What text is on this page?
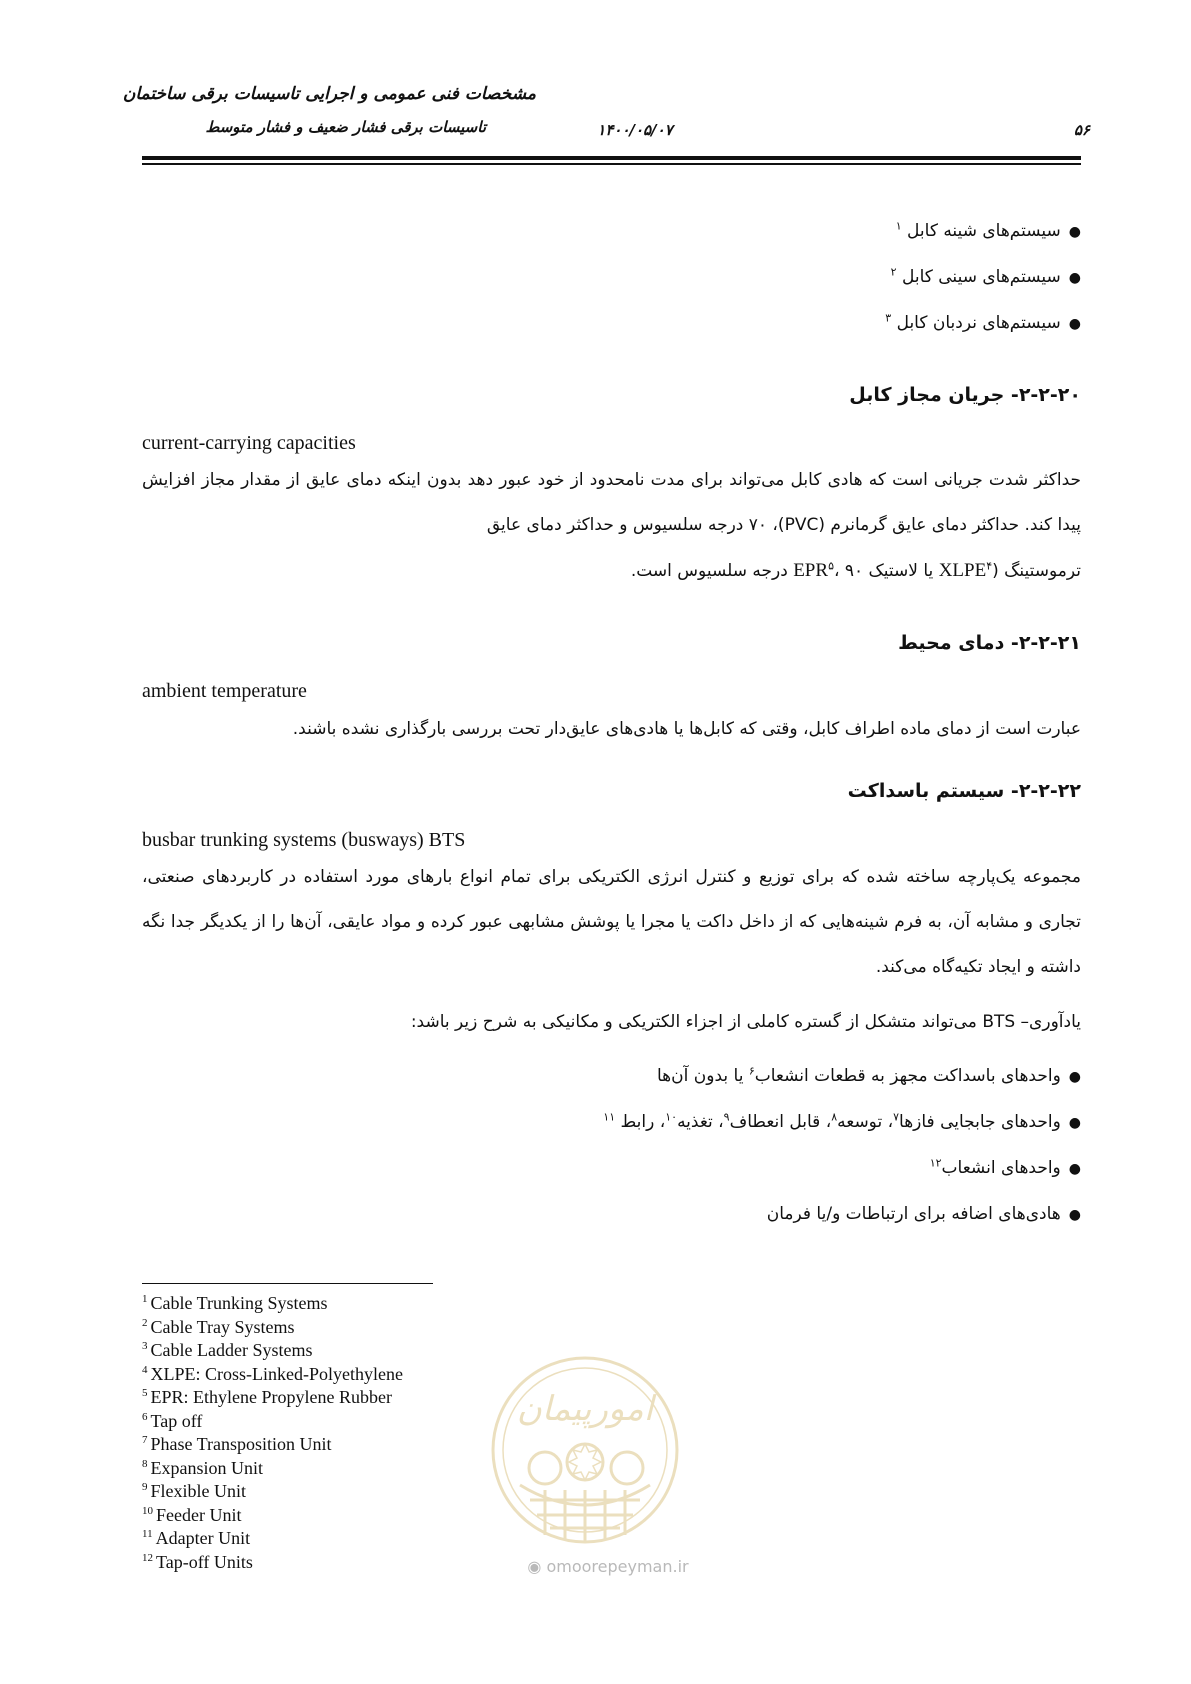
مشخصات فنی عمومی و اجرایی تاسیسات برقی ساختمان
تاسیسات برقی فشار ضعیف و فشار متوسط	۱۴۰۰/۰۵/۰۷	۵۶
●سیستم‌های شینه کابل $^۱$
●سیستم‌های سینی کابل $^۲$
●سیستم‌های نردبان کابل $^۳$
۲-۲-۲۰- جریان مجاز کابل
current-carrying capacities
حداکثر شدت جریانی است که هادی کابل می‌تواند برای مدت نامحدود از خود عبور دهد بدون اینکه دمای عایق از مقدار مجاز افزایش پیدا کند. حداکثر دمای عایق گرمانرم (PVC)، ۷۰ درجه سلسیوس و حداکثر دمای عایق
ترموستینگ (XLPE$^۴$ یا لاستیک EPR$^۵$، ۹۰ درجه سلسیوس است.
۲-۲-۲۱- دمای محیط
ambient temperature
عبارت است از دمای ماده اطراف کابل، وقتی که کابل‌ها یا هادی‌های عایق‌دار تحت بررسی بارگذاری نشده باشند.
۲-۲-۲۲- سیستم باسداکت
busbar trunking systems (busways) BTS
مجموعه یک‌پارچه ساخته شده که برای توزیع و کنترل انرژی الکتریکی برای تمام انواع بارهای مورد استفاده در کاربردهای صنعتی، تجاری و مشابه آن، به فرم شینه‌هایی که از داخل داکت یا مجرا یا پوشش مشابهی عبور کرده و مواد عایقی، آن‌ها را از یکدیگر جدا نگه داشته و ایجاد تکیه‌گاه می‌کند.
یادآوری– BTS می‌تواند متشکل از گستره کاملی از اجزاء الکتریکی و مکانیکی به شرح زیر باشد:
●واحدهای باسداکت مجهز به قطعات انشعاب$^۶$ یا بدون آن‌ها
●واحدهای جابجایی فازها$^۷$، توسعه$^۸$، قابل انعطاف$^۹$، تغذیه$^{۱۰}$، رابط $^{۱۱}$
●واحدهای انشعاب$^{۱۲}$
●هادی‌های اضافه برای ارتباطات و/یا فرمان
$^1$ Cable Trunking Systems
$^2$ Cable Tray Systems
$^3$ Cable Ladder Systems
$^4$ XLPE: Cross-Linked-Polyethylene
$^5$ EPR: Ethylene Propylene Rubber
$^6$ Tap off
$^7$ Phase Transposition Unit
$^8$ Expansion Unit
$^9$ Flexible Unit
$^{10}$ Feeder Unit
$^{11}$ Adapter Unit
$^{12}$ Tap-off Units
امورپیمان
◉ omoorepeyman.ir
